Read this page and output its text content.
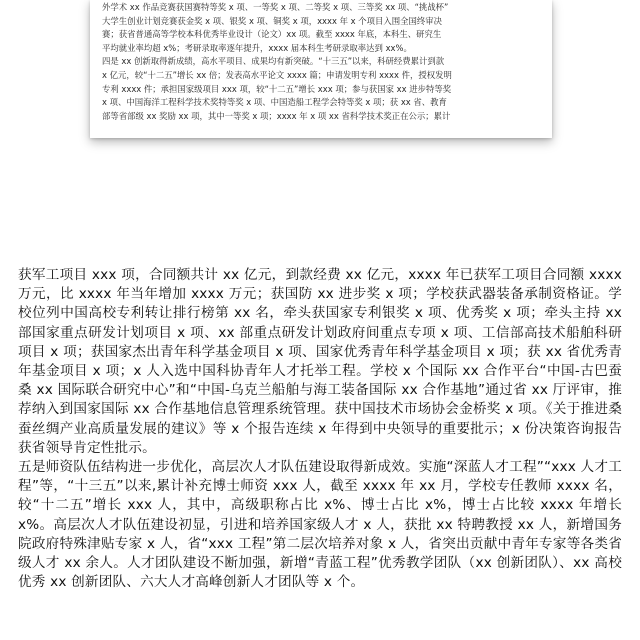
外学术 xx 作品竞赛获国赛特等奖 x 项、一等奖 x 项、二等奖 x 项、三等奖 xx 项、“挑战杯”

大学生创业计划竞赛获金奖 x 项、银奖 x 项、铜奖 x 项，xxxx 年 x 个项目入围全国终审决

赛；获省普通高等学校本科优秀毕业设计（论文）xx 项。截至 xxxx 年底，本科生、研究生

平均就业率均超 x%；考研录取率逐年提升，xxxx 届本科生考研录取率达到 xx%。

四是 xx 创新取得新成绩，高水平项目、成果均有新突破。“十三五”以来，科研经费累计到款

x 亿元，较“十二五”增长 xx 倍；发表高水平论文 xxxx 篇；申请发明专利 xxxx 件，授权发明

专利 xxxx 件；承担国家级项目 xxx 项，较“十二五”增长 xxx 项；参与获国家 xx 进步特等奖

x 项、中国海洋工程科学技术奖特等奖 x 项、中国造船工程学会特等奖 x 项；获 xx 省、教育

部等省部级 xx 奖励 xx 项，其中一等奖 x 项；xxxx 年 x 项 xx 省科学技术奖正在公示；累计

获军工项目 xxx 项，合同额共计 xx 亿元，到款经费 xx 亿元，xxxx 年已获军工项目合同额 xxxx 万元，比 xxxx 年当年增加 xxxx 万元；获国防 xx 进步奖 x 项；学校获武器装备承制资格证。学校位列中国高校专利转让排行榜第 xx 名，牵头获国家专利银奖 x 项、优秀奖 x 项；牵头主持 xx 部国家重点研发计划项目 x 项、xx 部重点研发计划政府间重点专项 x 项、工信部高技术船舶科研项目 x 项；获国家杰出青年科学基金项目 x 项、国家优秀青年科学基金项目 x 项；获 xx 省优秀青年基金项目 x 项；x 人入选中国科协青年人才托举工程。学校 x 个国际 xx 合作平台“中国-古巴蚕桑 xx 国际联合研究中心”和“中国-乌克兰船舶与海工装备国际 xx 合作基地”通过省 xx 厅评审，推荐纳入到国家国际 xx 合作基地信息管理系统管理。获中国技术市场协会金桥奖 x 项。《关于推进桑蚕丝绸产业高质量发展的建议》等 x 个报告连续 x 年得到中央领导的重要批示；x 份决策咨询报告获省领导肯定性批示。

五是师资队伍结构进一步优化，高层次人才队伍建设取得新成效。实施“深蓝人才工程”“xxx 人才工程”等，“十三五”以来,累计补充博士师资 xxx 人，截至 xxxx 年 xx 月，学校专任教师 xxxx 名，较“十二五”增长 xxx 人，其中，高级职称占比 x%、博士占比 x%，博士占比较 xxxx 年增长 x%。高层次人才队伍建设初显，引进和培养国家级人才 x 人，获批 xx 特聘教授 xx 人，新增国务院政府特殊津贴专家 x 人，省“xxx 工程”第二层次培养对象 x 人，省突出贡献中青年专家等各类省级人才 xx 余人。人才团队建设不断加强，新增“青蓝工程”优秀教学团队（xx 创新团队）、xx 高校优秀 xx 创新团队、六大人才高峰创新人才团队等 x 个。
